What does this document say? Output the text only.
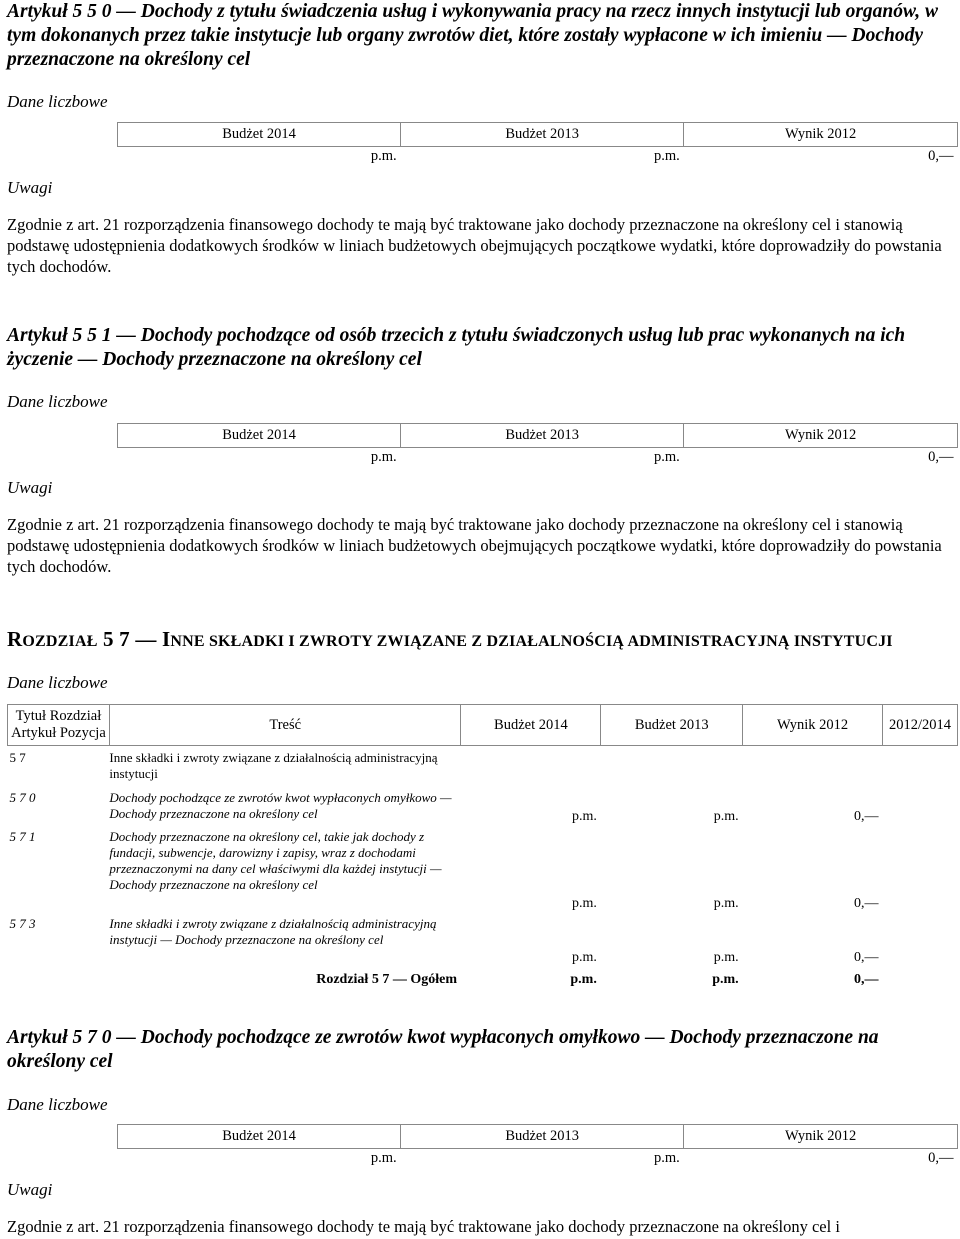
Artykuł 5 5 0 — Dochody z tytułu świadczenia usług i wykonywania pracy na rzecz innych instytucji lub organów, w tym dokonanych przez takie instytucje lub organy zwrotów diet, które zostały wypłacone w ich imieniu — Dochody przeznaczone na określony cel
Dane liczbowe
Budżet 2014	Budżet 2013	Wynik 2012
p.m.	p.m.	0,—
Uwagi
Zgodnie z art. 21 rozporządzenia finansowego dochody te mają być traktowane jako dochody przeznaczone na określony cel i stanowią podstawę udostępnienia dodatkowych środków w liniach budżetowych obejmujących początkowe wydatki, które doprowadziły do powstania tych dochodów.
Artykuł 5 5 1 — Dochody pochodzące od osób trzecich z tytułu świadczonych usług lub prac wykonanych na ich życzenie — Dochody przeznaczone na określony cel
Dane liczbowe
Budżet 2014	Budżet 2013	Wynik 2012
p.m.	p.m.	0,—
Uwagi
Zgodnie z art. 21 rozporządzenia finansowego dochody te mają być traktowane jako dochody przeznaczone na określony cel i stanowią podstawę udostępnienia dodatkowych środków w liniach budżetowych obejmujących początkowe wydatki, które doprowadziły do powstania tych dochodów.
ROZDZIAŁ 5 7 — INNE SKŁADKI I ZWROTY ZWIĄZANE Z DZIAŁALNOŚCIĄ ADMINISTRACYJNĄ INSTYTUCJI
Dane liczbowe
Tytuł Rozdział
Artykuł Pozycja	Treść	Budżet 2014	Budżet 2013	Wynik 2012	2012/2014
5 7	Inne składki i zwroty związane z działalnością administracyjną instytucji				
5 7 0	Dochody pochodzące ze zwrotów kwot wypłaconych omyłkowo — Dochody przeznaczone na określony cel	p.m.	p.m.	0,—	
5 7 1	Dochody przeznaczone na określony cel, takie jak dochody z fundacji, subwencje, darowizny i zapisy, wraz z dochodami przeznaczonymi na dany cel właściwymi dla każdej instytucji — Dochody przeznaczone na określony cel	p.m.	p.m.	0,—	
5 7 3	Inne składki i zwroty związane z działalnością administracyjną instytucji — Dochody przeznaczone na określony cel	p.m.	p.m.	0,—	
	Rozdział 5 7 — Ogółem	p.m.	p.m.	0,—	
Artykuł 5 7 0 — Dochody pochodzące ze zwrotów kwot wypłaconych omyłkowo — Dochody przeznaczone na określony cel
Dane liczbowe
Budżet 2014	Budżet 2013	Wynik 2012
p.m.	p.m.	0,—
Uwagi
Zgodnie z art. 21 rozporządzenia finansowego dochody te mają być traktowane jako dochody przeznaczone na określony cel i
